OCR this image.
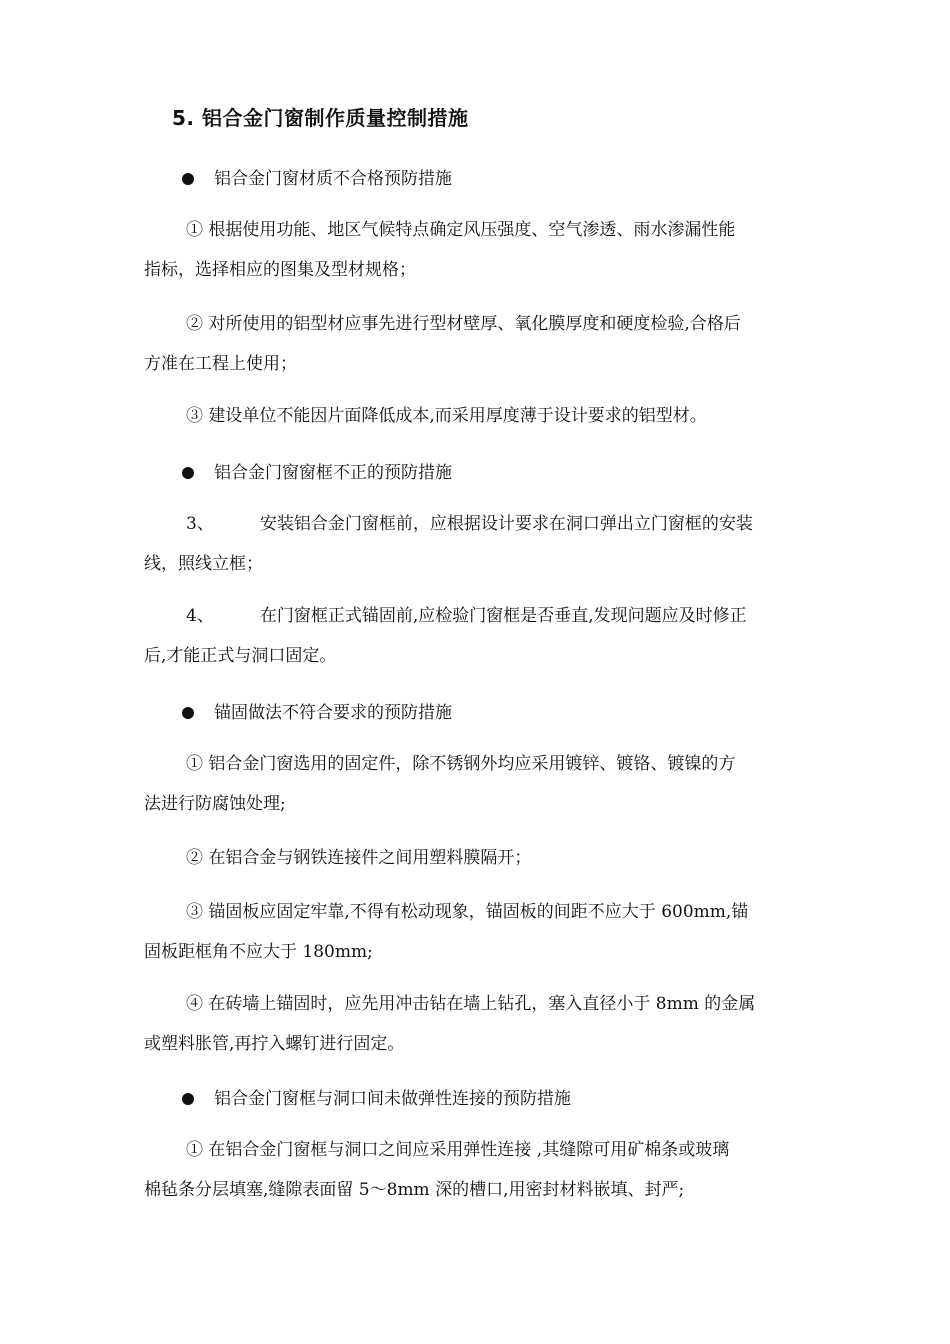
5. 铝合金门窗制作质量控制措施
铝合金门窗材质不合格预防措施
① 根据使用功能、地区气候特点确定风压强度、空气渗透、雨水渗漏性能
指标，选择相应的图集及型材规格；
② 对所使用的铝型材应事先进行型材壁厚、氧化膜厚度和硬度检验,合格后
方准在工程上使用；
③ 建设单位不能因片面降低成本,而采用厚度薄于设计要求的铝型材。
铝合金门窗窗框不正的预防措施
3、	安装铝合金门窗框前，应根据设计要求在洞口弹出立门窗框的安装
线，照线立框；
4、	在门窗框正式锚固前,应检验门窗框是否垂直,发现问题应及时修正
后,才能正式与洞口固定。
锚固做法不符合要求的预防措施
① 铝合金门窗选用的固定件，除不锈钢外均应采用镀锌、镀铬、镀镍的方
法进行防腐蚀处理;
② 在铝合金与钢铁连接件之间用塑料膜隔开；
③ 锚固板应固定牢靠,不得有松动现象，锚固板的间距不应大于 600mm,锚
固板距框角不应大于 180mm;
④ 在砖墙上锚固时，应先用冲击钻在墙上钻孔，塞入直径小于 8mm 的金属
或塑料胀管,再拧入螺钉进行固定。
铝合金门窗框与洞口间未做弹性连接的预防措施
① 在铝合金门窗框与洞口之间应采用弹性连接 ,其缝隙可用矿棉条或玻璃
棉毡条分层填塞,缝隙表面留 5～8mm 深的槽口,用密封材料嵌填、封严;
